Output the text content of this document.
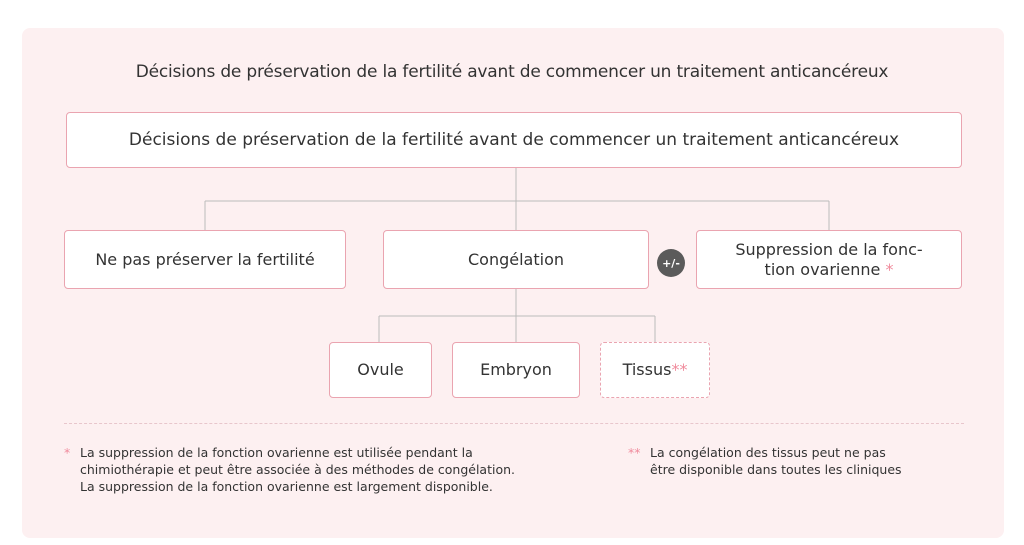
Décisions de préservation de la fertilité avant de commencer un traitement anticancéreux
Décisions de préservation de la fertilité avant de commencer un traitement anticancéreux
Ne pas préserver la fertilité	Congélation	+/-
Suppression de la fonc-
tion ovarienne *
Ovule	Embryon	Tissus**
* La suppression de la fonction ovarienne est utilisée pendant la
chimiothérapie et peut être associée à des méthodes de congélation.
La suppression de la fonction ovarienne est largement disponible.
** La congélation des tissus peut ne pas
être disponible dans toutes les cliniques
